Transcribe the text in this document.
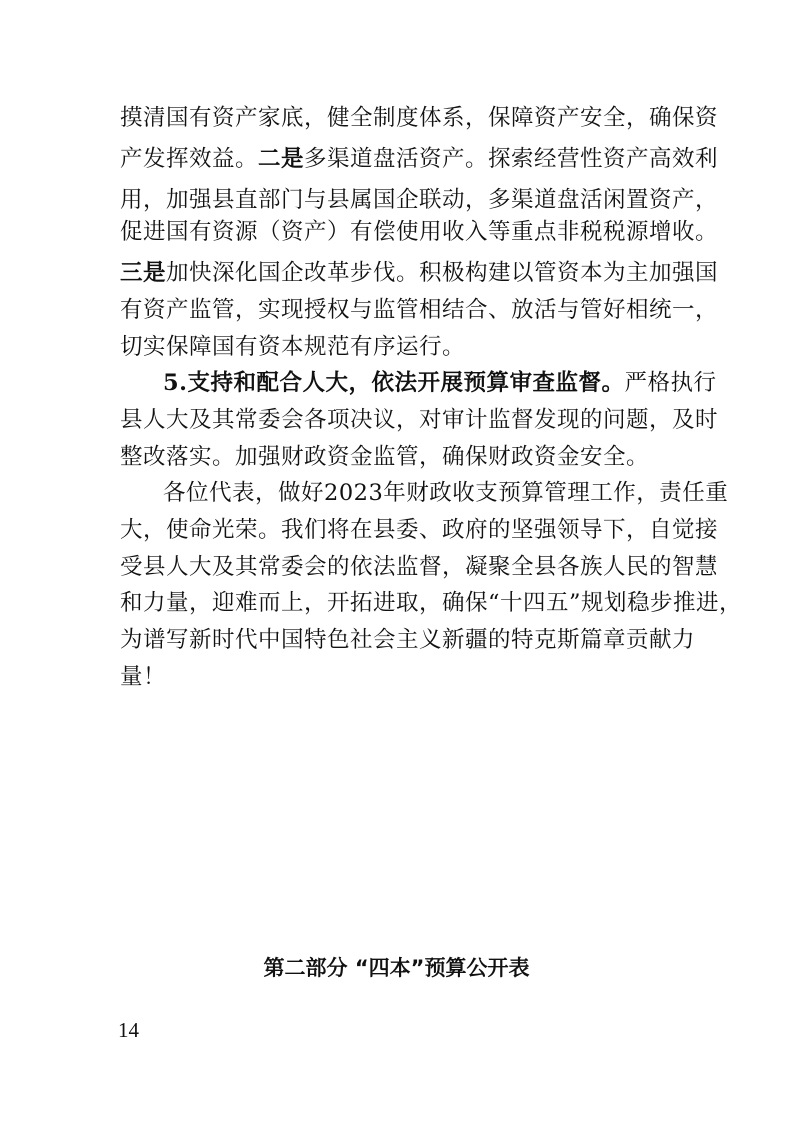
摸清国有资产家底，健全制度体系，保障资产安全，确保资
产发挥效益。二是多渠道盘活资产。探索经营性资产高效利
用，加强县直部门与县属国企联动，多渠道盘活闲置资产，
促进国有资源（资产）有偿使用收入等重点非税税源增收。
三是加快深化国企改革步伐。积极构建以管资本为主加强国
有资产监管，实现授权与监管相结合、放活与管好相统一，
切实保障国有资本规范有序运行。
5.支持和配合人大，依法开展预算审查监督。严格执行
县人大及其常委会各项决议，对审计监督发现的问题，及时
整改落实。加强财政资金监管，确保财政资金安全。
各位代表，做好2023年财政收支预算管理工作，责任重
大，使命光荣。我们将在县委、政府的坚强领导下，自觉接
受县人大及其常委会的依法监督，凝聚全县各族人民的智慧
和力量，迎难而上，开拓进取，确保“十四五”规划稳步推进，
为谱写新时代中国特色社会主义新疆的特克斯篇章贡献力
量！
第二部分 “四本”预算公开表
14
